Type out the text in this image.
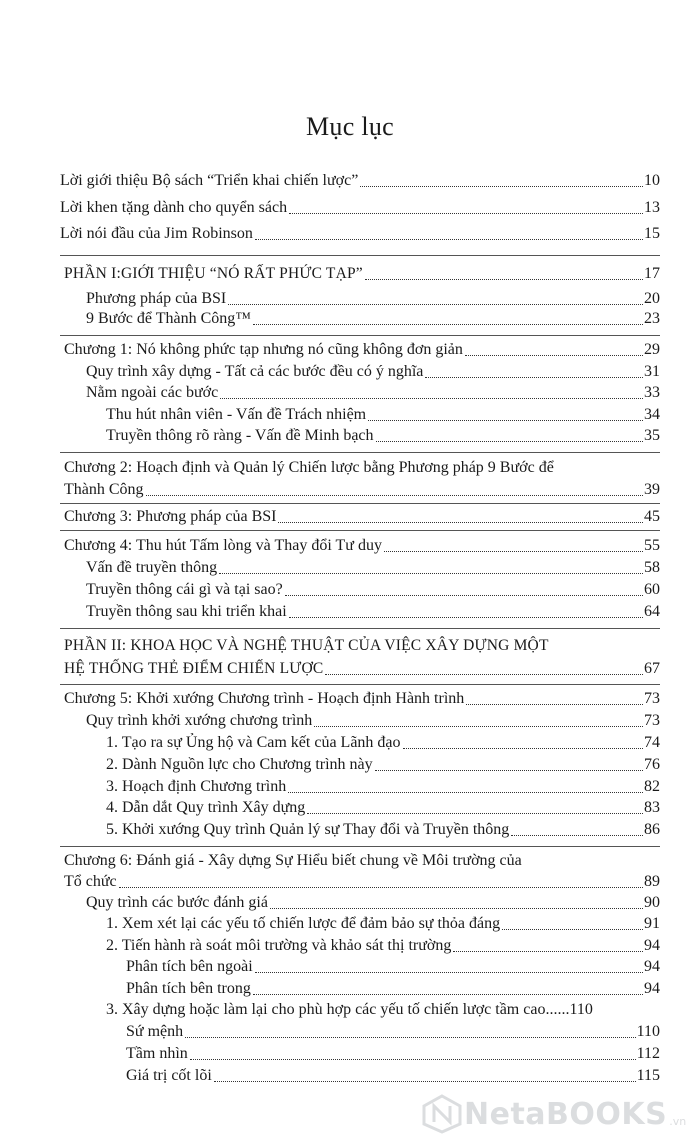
Mục lục
Lời giới thiệu Bộ sách “Triển khai chiến lược”	10
Lời khen tặng dành cho quyển sách	13
Lời nói đầu của Jim Robinson	15
PHẦN I:GIỚI THIỆU “NÓ RẤT PHỨC TẠP”	17
Phương pháp của BSI	20
9 Bước để Thành Công™	23
Chương 1: Nó không phức tạp nhưng nó cũng không đơn giản	29
Quy trình xây dựng - Tất cả các bước đều có ý nghĩa	31
Nằm ngoài các bước	33
Thu hút nhân viên - Vấn đề Trách nhiệm	34
Truyền thông rõ ràng - Vấn đề Minh bạch	35
Chương 2: Hoạch định và Quản lý Chiến lược bằng Phương pháp 9 Bước để
Thành Công	39
Chương 3: Phương pháp của BSI	45
Chương 4: Thu hút Tấm lòng và Thay đổi Tư duy	55
Vấn đề truyền thông	58
Truyền thông cái gì và tại sao?	60
Truyền thông sau khi triển khai	64
PHẦN II: KHOA HỌC VÀ NGHỆ THUẬT CỦA VIỆC XÂY DỰNG MỘT
HỆ THỐNG THẺ ĐIỂM CHIẾN LƯỢC	67
Chương 5: Khởi xướng Chương trình - Hoạch định Hành trình	73
Quy trình khởi xướng chương trình	73
1. Tạo ra sự Ủng hộ và Cam kết của Lãnh đạo	74
2. Dành Nguồn lực cho Chương trình này	76
3. Hoạch định Chương trình	82
4. Dẫn dắt Quy trình Xây dựng	83
5. Khởi xướng Quy trình Quản lý sự Thay đổi và Truyền thông	86
Chương 6: Đánh giá - Xây dựng Sự Hiểu biết chung về Môi trường của
Tổ chức	89
Quy trình các bước đánh giá	90
1. Xem xét lại các yếu tố chiến lược để đảm bảo sự thỏa đáng	91
2. Tiến hành rà soát môi trường và khảo sát thị trường	94
Phân tích bên ngoài	94
Phân tích bên trong	94
3. Xây dựng hoặc làm lại cho phù hợp các yếu tố chiến lược tầm cao...... 110
Sứ mệnh	110
Tầm nhìn	112
Giá trị cốt lõi	115
NetaBOOKS .vn
